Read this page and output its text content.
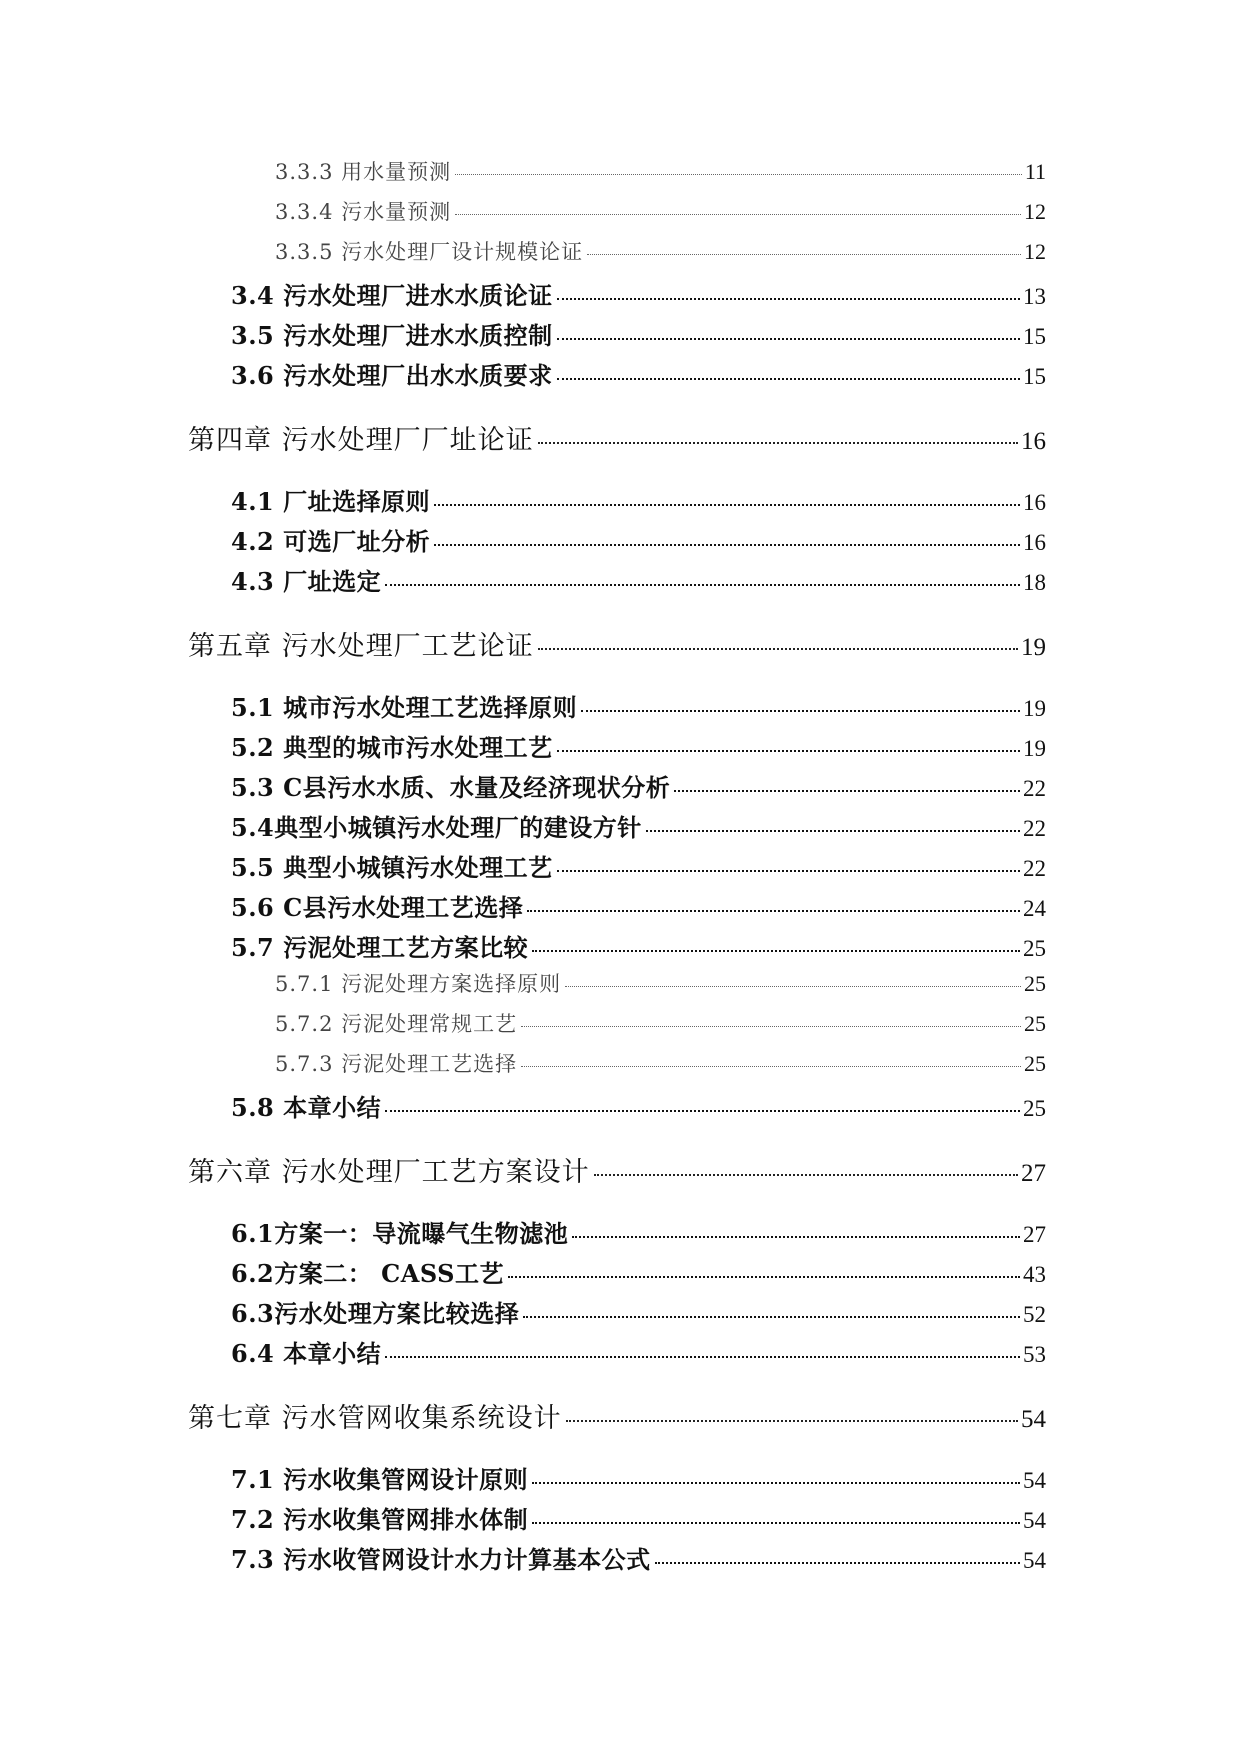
3.3.3 用水量预测	11
3.3.4 污水量预测	12
3.3.5 污水处理厂设计规模论证	12
3.4 污水处理厂进水水质论证	13
3.5 污水处理厂进水水质控制	15
3.6 污水处理厂出水水质要求	15
第四章 污水处理厂厂址论证	16
4.1 厂址选择原则	16
4.2 可选厂址分析	16
4.3 厂址选定	18
第五章 污水处理厂工艺论证	19
5.1 城市污水处理工艺选择原则	19
5.2 典型的城市污水处理工艺	19
5.3 C县污水水质、水量及经济现状分析	22
5.4典型小城镇污水处理厂的建设方针	22
5.5 典型小城镇污水处理工艺	22
5.6 C县污水处理工艺选择	24
5.7 污泥处理工艺方案比较	25
5.7.1 污泥处理方案选择原则	25
5.7.2 污泥处理常规工艺	25
5.7.3 污泥处理工艺选择	25
5.8 本章小结	25
第六章 污水处理厂工艺方案设计	27
6.1方案一：导流曝气生物滤池	27
6.2方案二： CASS工艺	43
6.3污水处理方案比较选择	52
6.4 本章小结	53
第七章 污水管网收集系统设计	54
7.1 污水收集管网设计原则	54
7.2 污水收集管网排水体制	54
7.3 污水收管网设计水力计算基本公式	54
